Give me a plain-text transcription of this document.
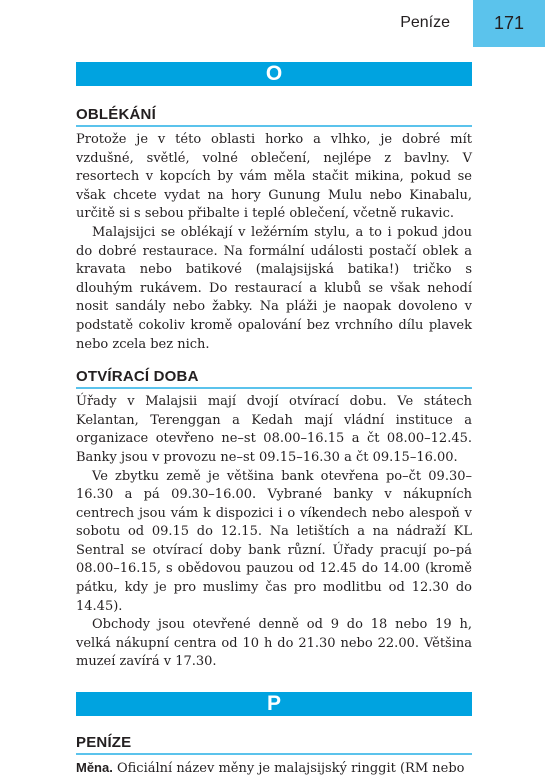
Peníze 171
O
OBLÉKÁNÍ

Protože je v této oblasti horko a vlhko, je dobré mít vzdušné, světlé, volné oblečení, nejlépe z bavlny. V resortech v kopcích by vám měla stačit mikina, pokud se však chcete vydat na hory Gunung Mulu nebo Kinabalu, určitě si s sebou přibalte i teplé oblečení, včetně rukavic.

Malajsijci se oblékají v ležérním stylu, a to i pokud jdou do dobré restaurace. Na formální události postačí oblek a kravata nebo batikové (malajsijská batika!) tričko s dlouhým rukávem. Do restaurací a klubů se však nehodí nosit sandály nebo žabky. Na pláži je naopak dovoleno v podstatě cokoliv kromě opalování bez vrchního dílu plavek nebo zcela bez nich.

OTVÍRACÍ DOBA

Úřady v Malajsii mají dvojí otvírací dobu. Ve státech Kelantan, Terenggan a Kedah mají vládní instituce a organizace otevřeno ne–st 08.00–16.15 a čt 08.00–12.45. Banky jsou v provozu ne–st 09.15–16.30 a čt 09.15–16.00.

Ve zbytku země je většina bank otevřena po–čt 09.30–16.30 a pá 09.30–16.00. Vybrané banky v nákupních centrech jsou vám k dispozici i o víkendech nebo alespoň v sobotu od 09.15 do 12.15. Na letištích a na nádraží KL Sentral se otvírací doby bank různí. Úřady pracují po–pá 08.00–16.15, s obědovou pauzou od 12.45 do 14.00 (kromě pátku, kdy je pro muslimy čas pro modlitbu od 12.30 do 14.45).

Obchody jsou otevřené denně od 9 do 18 nebo 19 h, velká nákupní centra od 10 h do 21.30 nebo 22.00. Většina muzeí zavírá v 17.30.

P
PENÍZE

Měna. Oficiální název měny je malajsijský ringgit (RM nebo
